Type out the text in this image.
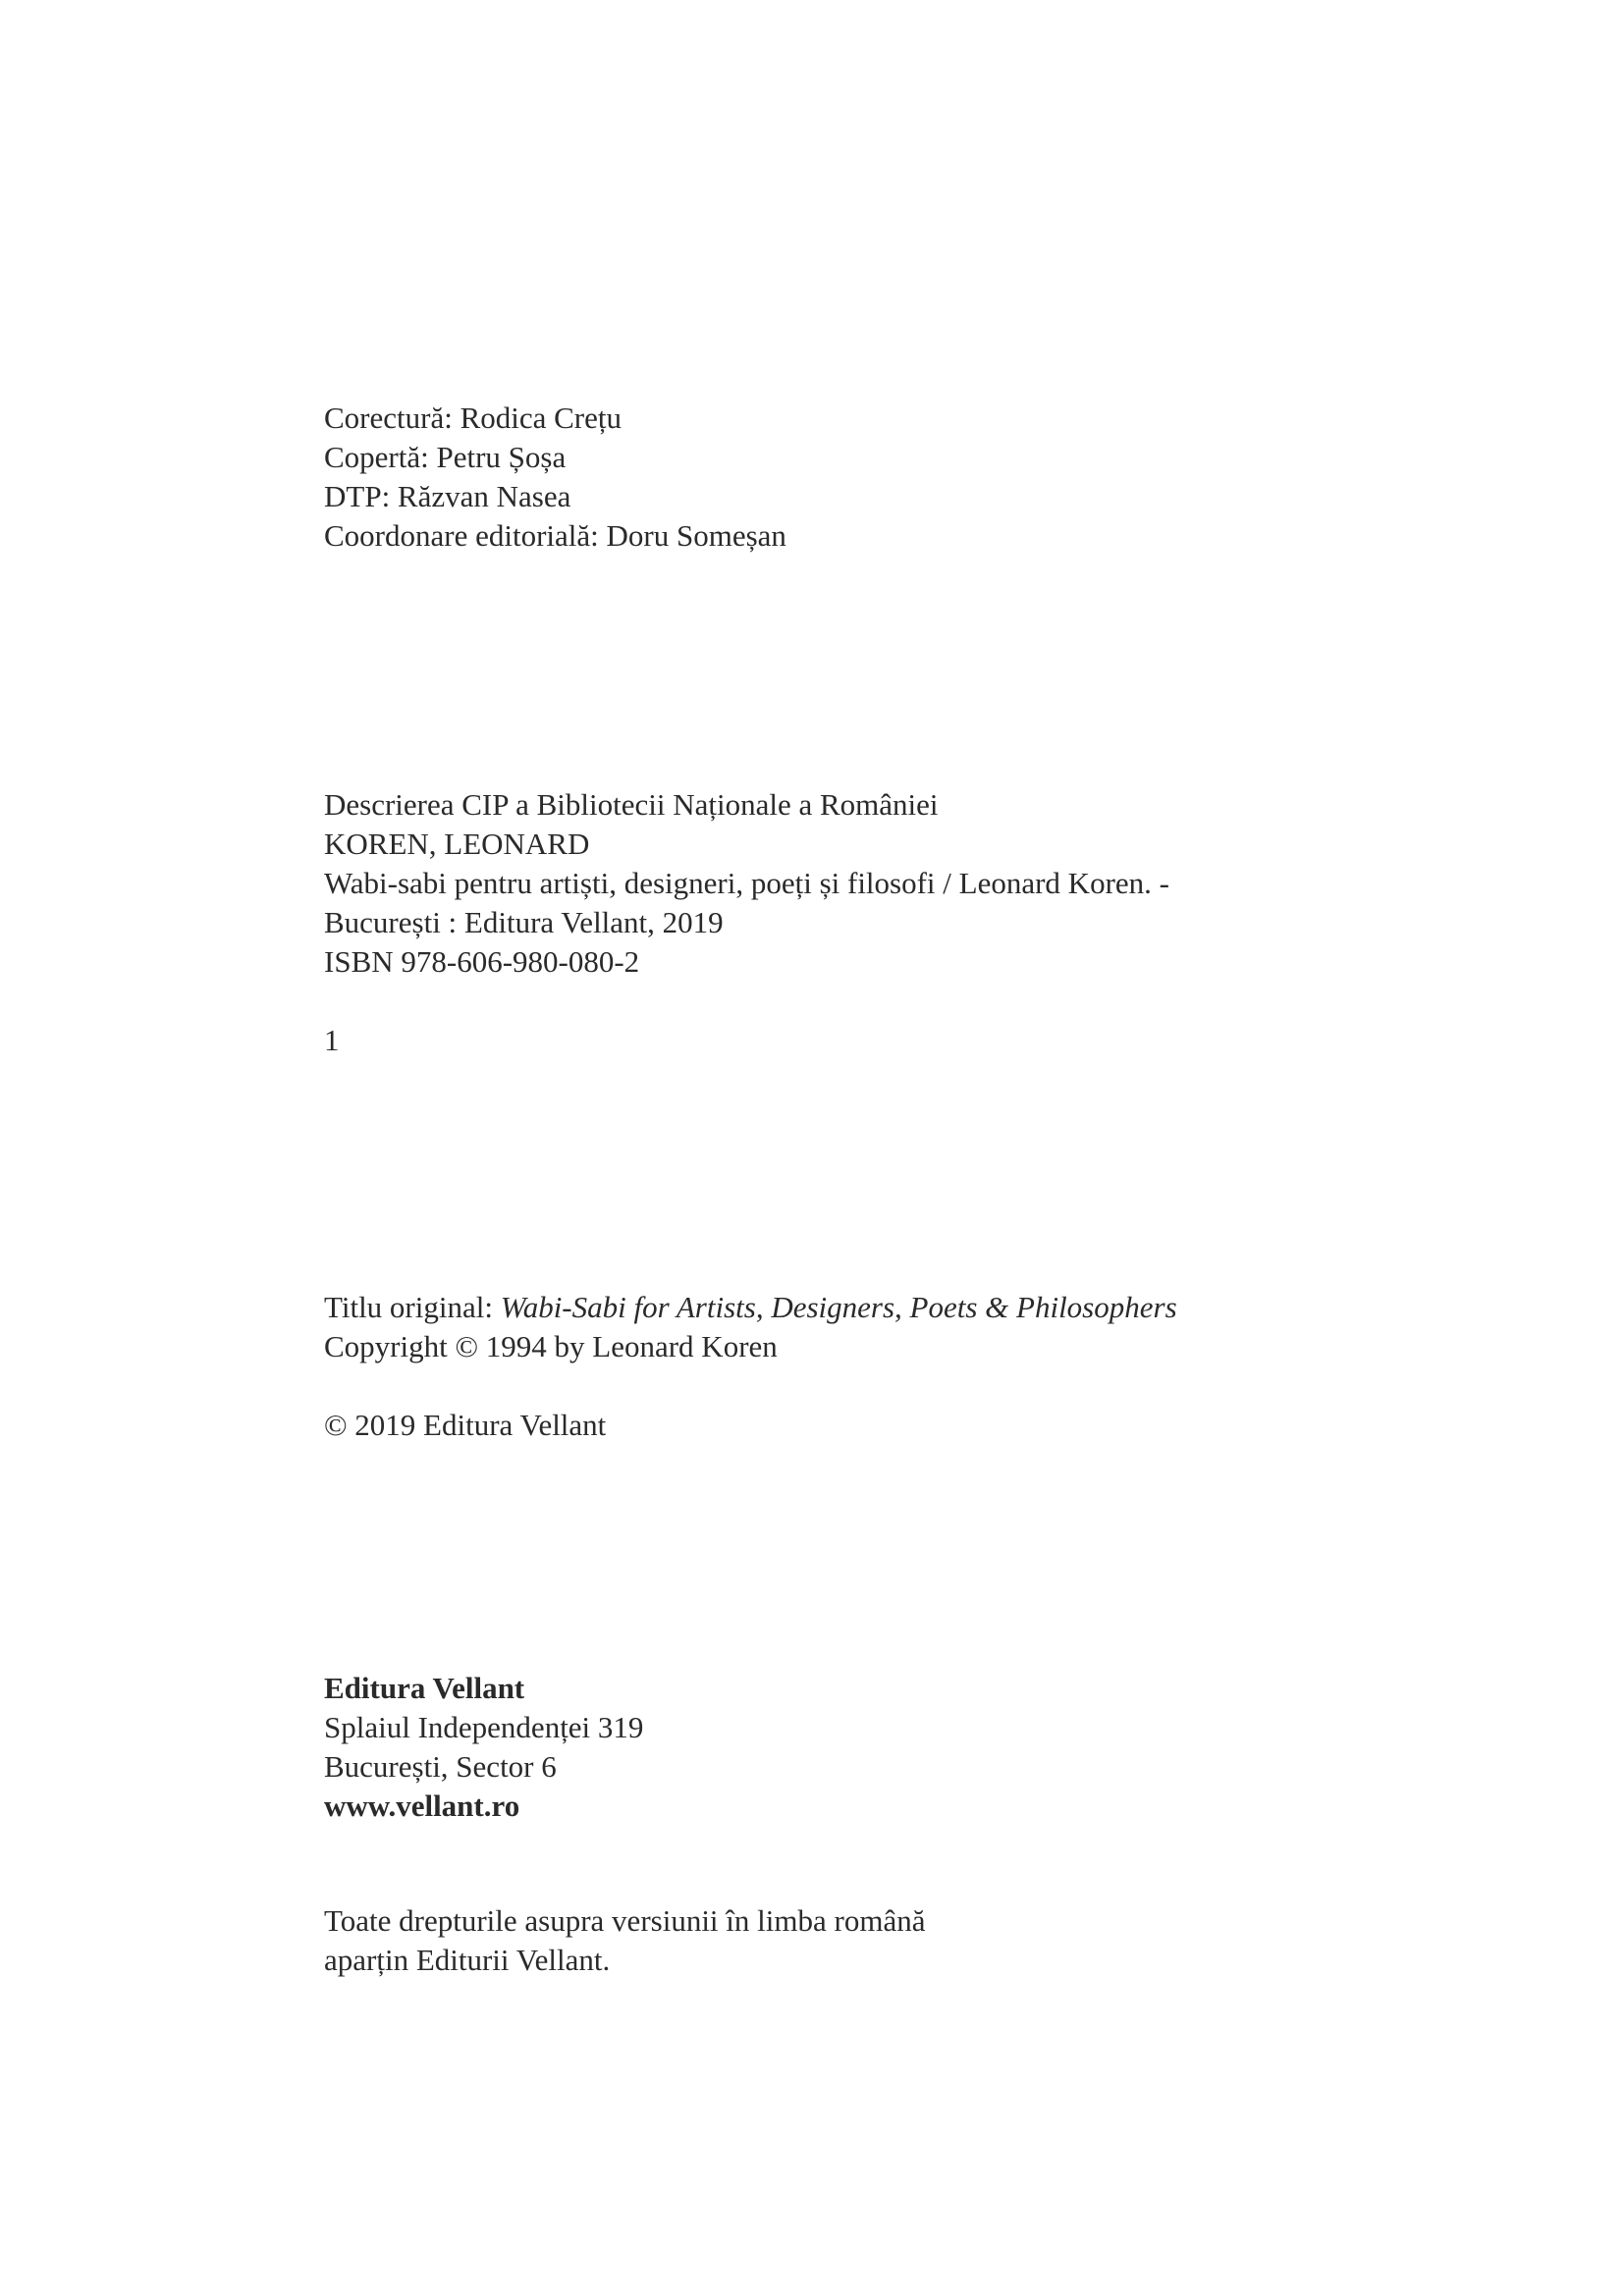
Corectură: Rodica Crețu
Copertă: Petru Șoșa
DTP: Răzvan Nasea
Coordonare editorială: Doru Someșan
Descrierea CIP a Bibliotecii Naționale a României
KOREN, LEONARD
Wabi-sabi pentru artiști, designeri, poeți și filosofi / Leonard Koren. -
București : Editura Vellant, 2019
ISBN 978-606-980-080-2
1
Titlu original: Wabi-Sabi for Artists, Designers, Poets & Philosophers
Copyright © 1994 by Leonard Koren
© 2019 Editura Vellant
Editura Vellant
Splaiul Independenței 319
București, Sector 6
www.vellant.ro
Toate drepturile asupra versiunii în limba română
aparțin Editurii Vellant.
